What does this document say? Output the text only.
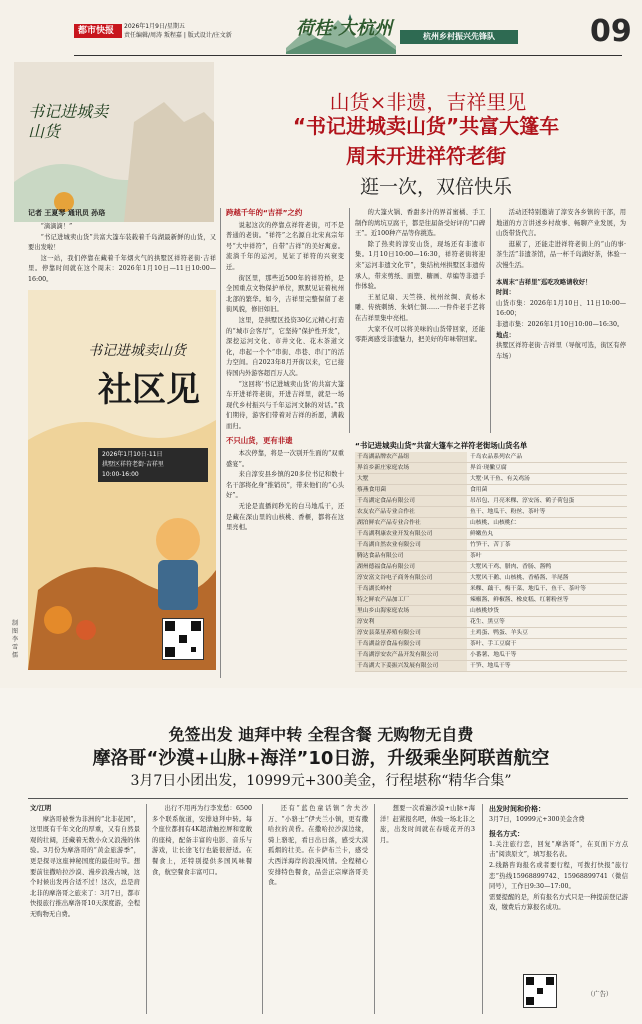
都市快报	2026年1月9日/星期五
责任编辑/周涛 叛程嘉 | 版式设计/庄文新	荷桂·大杭州	杭州乡村振兴先锋队	09
书记进城卖山货
山货×非遗，吉祥里见
“书记进城卖山货”共富大篷车
周末开进祥符老街
逛一次，双倍快乐
记者 王夏琴 通讯员 孙珞

“滴滴滴！”

“书记进城卖山货”共富大篷车装载着千岛湖最新鲜的山货，又要出发啦！

这一站，我们停靠在藏着千年烟火气的拱墅区祥符老街·吉祥里。停靠时间就在这个周末：2026年1月10日—11日10:00—16:00。

书记进城卖山货
社区见
2026年1月10日-11日
拱墅区祥符老街·吉祥里
10:00-16:00
制图 李雪儒
跨越千年的“吉祥”之约

说起这次的停靠点祥符老街，可不是普通的老街。“祥符”之名源自北宋真宗年号“大中祥符”，自带“吉祥”的美好寓意。流淌千年的运河，见证了祥符的兴衰变迁。

街区里，那些近500年的祥符桥，是全国重点文物保护单位，默默见证着杭州北部的繁华。如今，吉祥里完整保留了老街风貌，修旧如旧。

这里，是拱墅区投资30亿元精心打造的“城市会客厅”，它坚持“保护性开发”，深挖运河文化、市井文化、花木茶道文化，串起一个个“串街、串巷、串门”的活力空间。自2023年8月开街以来，它已接待国内外游客超百万人次。

“这回将‘书记进城卖山货’的共富大篷车开进祥符老街，开进吉祥里，就是一场现代乡村振兴与千年运河文脉的对话。”我们期待，游客们带着对吉祥的祈愿，满载而归。

不只山货，更有非遗

本次停靠，将是一次别开生面的“双重盛宴”。

来自淳安县乡镇的20多位书记和数十名干部将化身“推销员”，带来他们的“心头好”。

无论是直播间秒光的白马地瓜干，还是藏在深山里的山核桃、香榧，都将在这里亮相。

的大篷火锅、香甜多汁的界首蜜橘、手工制作的鸠坑豆腐干，都是往届备受好评的“口碑王”。近100种产品等你挑选。

除了热卖的淳安山货，现场还有非遗市集。1月10日10:00—16:30，祥符老街将迎来“运河非遗文化节”，集结杭州拱墅区非遗传承人，带来剪纸、面塑、糖画、草编等非遗手作体验。

王星记扇、天竺筷、杭州丝绸、黄杨木雕、传统刺绣、朱炳仁铜……一件件老手艺将在吉祥里集中亮相。

大家不仅可以将美味的山货带回家，还能零距离感受非遗魅力，把美好的年味带回家。

活动还特别邀请了淳安各乡镇的干部，用地道的方言讲述乡村故事、畅聊产业发展，为山货带货代言。

逛累了，还能走进祥符老街上的“山的事·茶生活”非遗茶馆，品一杯千岛湖好茶，体验一次慢生活。

本周末“吉祥里”巡吃攻略请收好！
时间：
山货市集：2026年1月10日、11日10:00—16:00；
非遗市集：2026年1月10日10:00—16:30。
地点：
拱墅区祥符老街·吉祥里（导航可选，街区有停车场）
“书记进城卖山货”共富大篷车之祥符老街场山货名单
千岛湖品牌农产品组	千岛农品系列农产品
界首乡新庄家庭农场	界首·现撇豆腐
大墅	大墅·风干鱼、有关鸡汤
蔡燕食用菌	食用菌
千岛湖定食品有限公司	吊吊包、月亮米粿、淳安汤、鹤子荷包蛋
农友农产品专业合作社	鱼干、地瓜干、粉丝、茶叶等
湖泊鲜农产品专业合作社	山核桃、山核桃仁
千岛湖利康农业开发有限公司	鲜嫩鱼丸
千岛湖自然农业有限公司	竹笋干、苦丁茶
腾达食品有限公司	茶叶
湖州德福食品有限公司	大墅风干鸡、腊肉、香肠、酱鸭
淳安富文谷电子商务有限公司	大墅风干鹅、山核桃、香椿酱、羊尾酱
千岛湖长岭村	米粿、藕干、梅干菜、地瓜干、鱼干、茶叶等
特之鲜农产品加工厂	辣椒酱、鲜椒酱、橡皮糕、红薯粉丝等
里山乡山海家庭农场	山核桃炒货
淳安利	花生、黑豆等
淳安县菜星养殖有限公司	土鸡蛋、鸭蛋、羊头豆
千岛湖益淳食品有限公司	茶叶、手工豆腐干
千岛湖淳安农产品开发有限公司	小番薯、地瓜干等
千岛湖大下姜振兴发展有限公司	干笋、地瓜干等
免签出发 迪拜中转 全程含餐 无购物无自费
摩洛哥“沙漠+山脉+海洋”10日游，升级乘坐阿联酋航空
3月7日小团出发，10999元+300美金，行程堪称“精华合集”
文/江明

摩洛哥被誉为非洲的“北非花园”，这里既有千年文化的厚重，又有自然景观的壮阔，还藏着无数小众又浪漫的体验。3月份为摩洛哥的“黄金旅游季”，更是探寻这座神秘国度的最佳时节。想要前往撒哈拉沙漠、漫步浪漫古城，这个时候出发再合适不过！这次，总是肩北非的摩洛哥之旅来了：3月7日，都市快报旅行推出摩洛哥10天深度游，全程无购物无自费。

出行不用再为行李发愁：6500多个联系航道，安排迪拜中转。每个座位都拥有4K超清触控屏和宽敞的座椅，配备丰富的电影、音乐与游戏，让长途飞行也能很舒适。在餐食上，还特别提供多国风味餐食，航空餐食丰富可口。

还有“蓝色童话镇”舍夫沙万、“小骆士”伊夫兰小镇，更有撒哈拉的黄昏。在撒哈拉沙漠边缘，骑上骆驼，看日出日落，感受大漠孤烟的壮美。在卡萨布兰卡，感受大西洋海岸的浪漫风情。全程精心安排特色餐食，品尝正宗摩洛哥美食。

想要一次看遍沙漠+山脉+海洋！赶紧报名吧，体验一场北非之旅，出发时间就在春暖花开的3月。

出发时间和价格：
3月7日，10999元+300美金含费
报名方式：
1.关注旅行恋，回复“摩洛哥”，在页面下方点击“阅读原文”，填写报名表。
2.线路咨询报名或者要行程，可拨打快报“旅行恋”热线15968899742、15968899741（微信同号），工作日9:30—17:00。
需要提醒的是，所有报名方式只是一种提前登记游戏，缴费后方算报名成功。
（广告）
